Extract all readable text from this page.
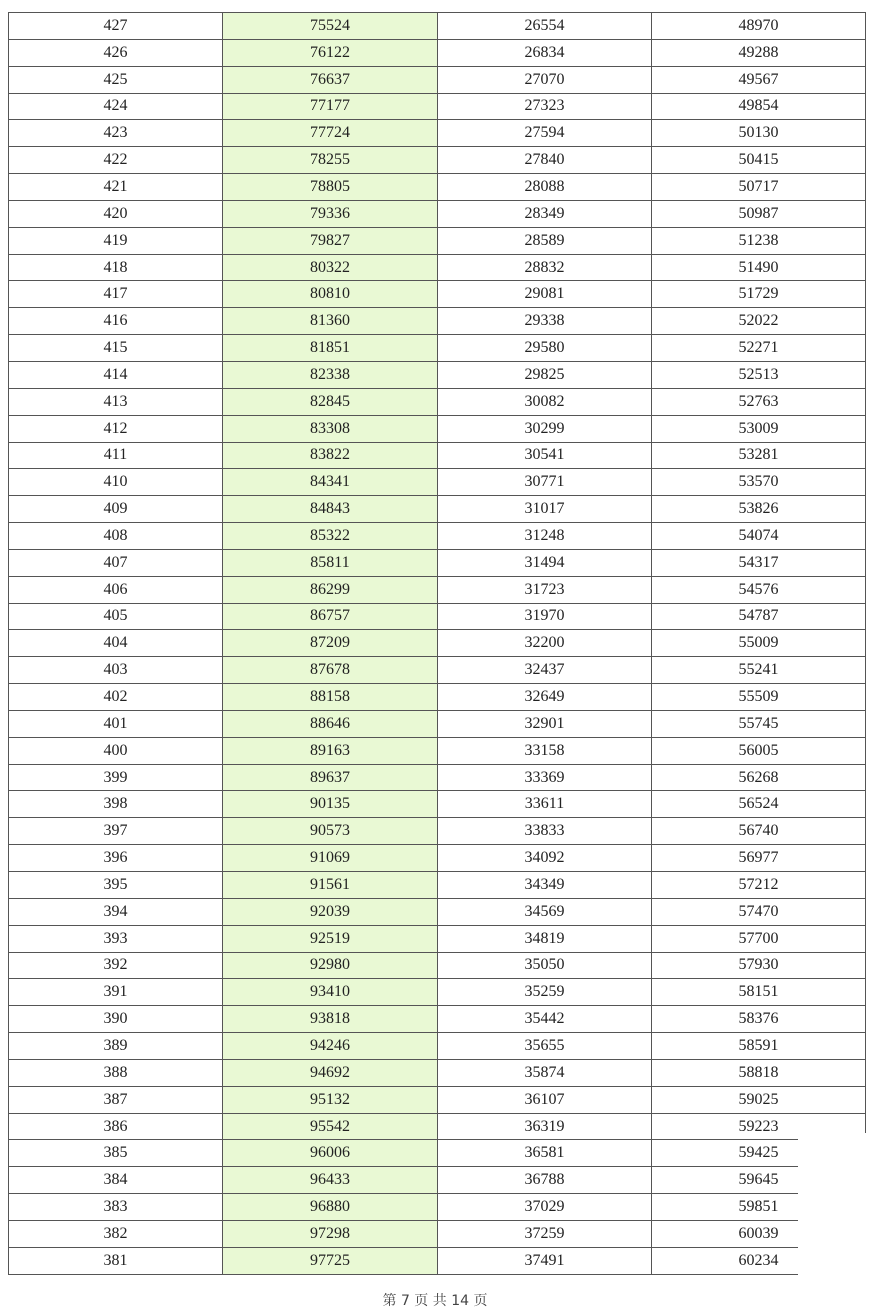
427	75524	26554	48970
426	76122	26834	49288
425	76637	27070	49567
424	77177	27323	49854
423	77724	27594	50130
422	78255	27840	50415
421	78805	28088	50717
420	79336	28349	50987
419	79827	28589	51238
418	80322	28832	51490
417	80810	29081	51729
416	81360	29338	52022
415	81851	29580	52271
414	82338	29825	52513
413	82845	30082	52763
412	83308	30299	53009
411	83822	30541	53281
410	84341	30771	53570
409	84843	31017	53826
408	85322	31248	54074
407	85811	31494	54317
406	86299	31723	54576
405	86757	31970	54787
404	87209	32200	55009
403	87678	32437	55241
402	88158	32649	55509
401	88646	32901	55745
400	89163	33158	56005
399	89637	33369	56268
398	90135	33611	56524
397	90573	33833	56740
396	91069	34092	56977
395	91561	34349	57212
394	92039	34569	57470
393	92519	34819	57700
392	92980	35050	57930
391	93410	35259	58151
390	93818	35442	58376
389	94246	35655	58591
388	94692	35874	58818
387	95132	36107	59025
386	95542	36319	59223
385	96006	36581	59425
384	96433	36788	59645
383	96880	37029	59851
382	97298	37259	60039
381	97725	37491	60234
第 7 页 共 14 页
